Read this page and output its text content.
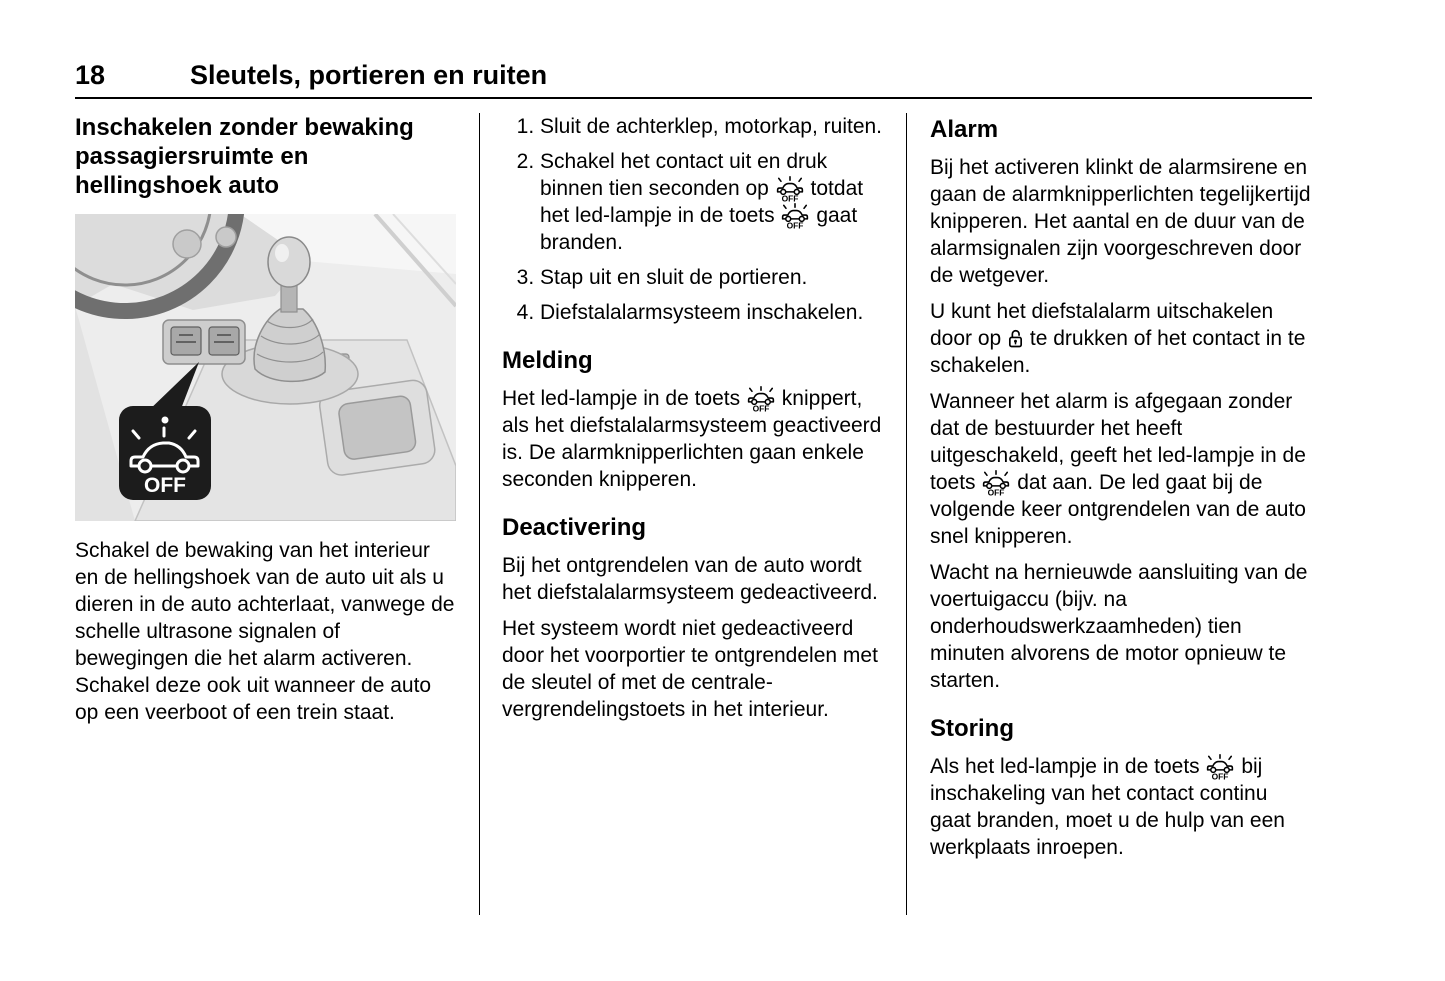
18	Sleutels, portieren en ruiten
Inschakelen zonder bewaking passagiersruimte en hellingshoek auto
OFF

Schakel de bewaking van het interieur en de hellingshoek van de auto uit als u dieren in de auto achterlaat, vanwege de schelle ultrasone signalen of bewegingen die het alarm activeren. Schakel deze ook uit wanneer de auto op een veerboot of een trein staat.

1. Sluit de achterklep, motorkap, ruiten.
2. Schakel het contact uit en druk binnen tien seconden op OFF totdat het led-lampje in de toets OFF gaat branden.
3. Stap uit en sluit de portieren.
4. Diefstalalarmsysteem inschakelen.
Melding

Het led-lampje in de toets OFF knippert, als het diefstalalarmsysteem geactiveerd is. De alarmknipperlichten gaan enkele seconden knipperen.

Deactivering

Bij het ontgrendelen van de auto wordt het diefstalalarmsysteem gedeactiveerd.

Het systeem wordt niet gedeactiveerd door het voorportier te ontgrendelen met de sleutel of met de centrale-vergrendelingstoets in het interieur.

Alarm

Bij het activeren klinkt de alarmsirene en gaan de alarmknipperlichten tegelijkertijd knipperen. Het aantal en de duur van de alarmsignalen zijn voorgeschreven door de wetgever.

U kunt het diefstalalarm uitschakelen door op  te drukken of het contact in te schakelen.

Wanneer het alarm is afgegaan zonder dat de bestuurder het heeft uitgeschakeld, geeft het led-lampje in de toets OFF dat aan. De led gaat bij de volgende keer ontgrendelen van de auto snel knipperen.

Wacht na hernieuwde aansluiting van de voertuigaccu (bijv. na onderhoudswerkzaamheden) tien minuten alvorens de motor opnieuw te starten.

Storing

Als het led-lampje in de toets OFF bij inschakeling van het contact continu gaat branden, moet u de hulp van een werkplaats inroepen.
